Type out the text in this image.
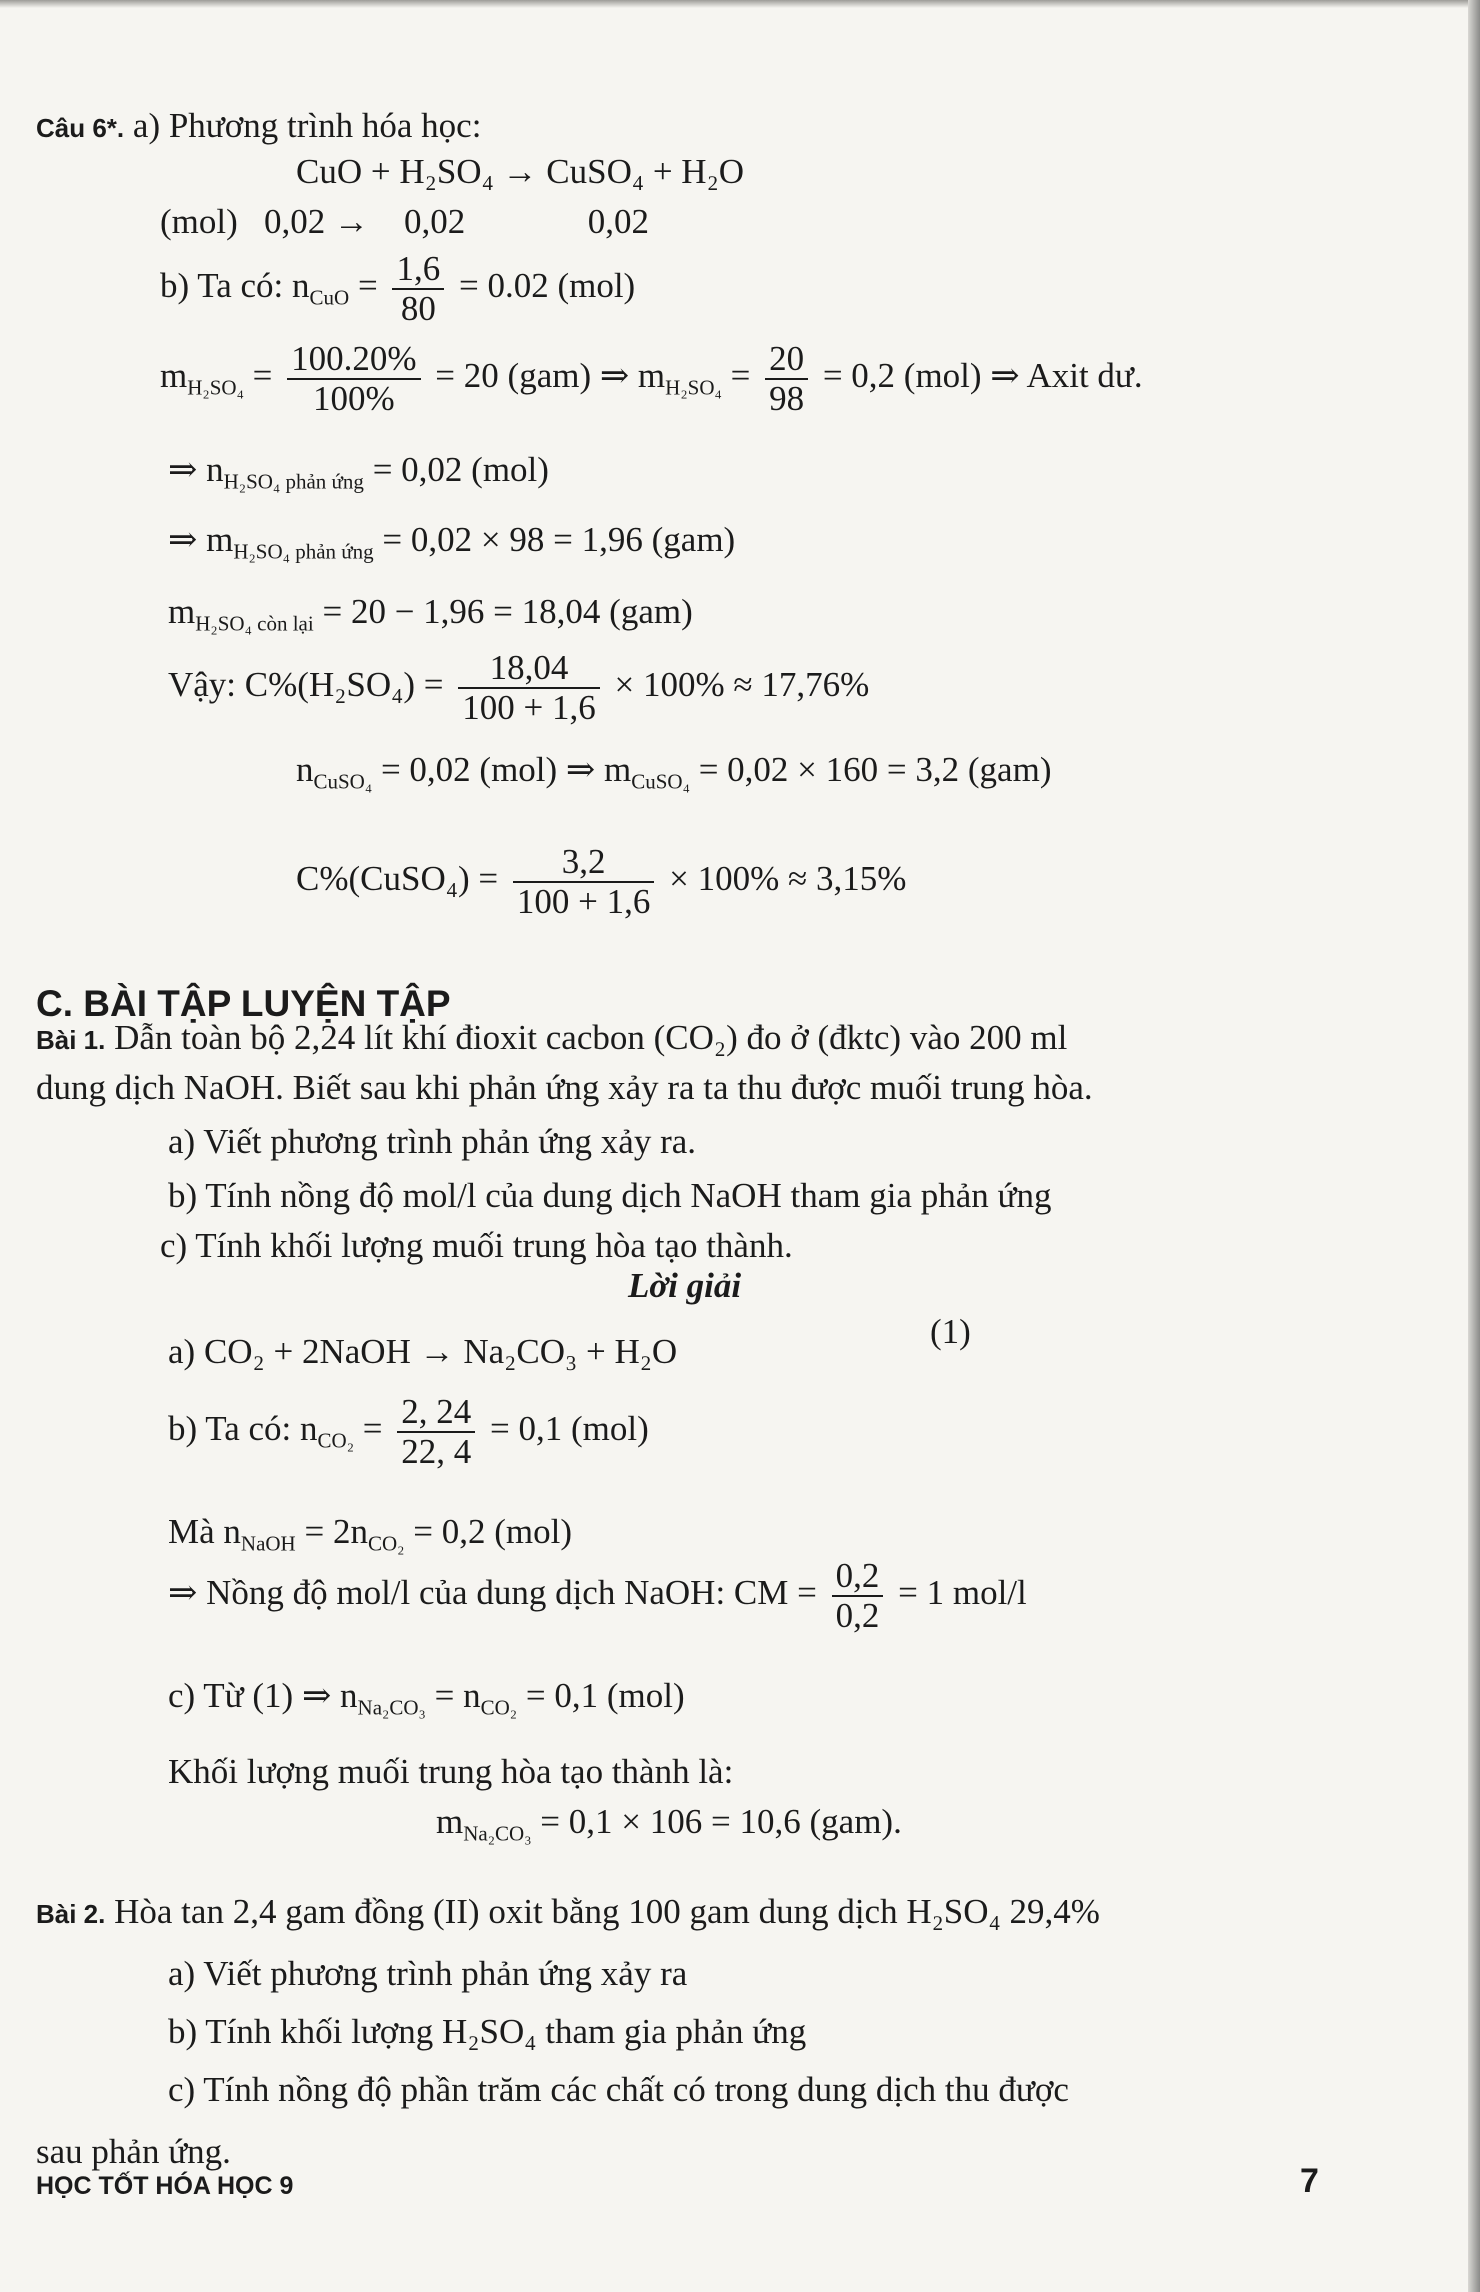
Câu 6*. a) Phương trình hóa học:
CuO + H₂SO₄ → CuSO₄ + H₂O
(mol)   0,02 →    0,02              0,02
b) Ta có: $n_{CuO} = \frac{1,6}{80} = 0.02$ (mol)
$m_{H_2SO_4} = \frac{100.20\%}{100\%} = 20$ (gam) ⇒ $m_{H_2SO_4} = \frac{20}{98} = 0,2$ (mol) ⇒ Axit dư.
⇒ $n_{H_2SO_4 phản ứng} = 0,02$ (mol)
⇒ $m_{H_2SO_4 phản ứng} = 0,02 \times 98 = 1,96$ (gam)
$m_{H_2SO_4 còn lại} = 20 - 1,96 = 18,04$ (gam)
Vậy: $C\%(H_2SO_4) = \frac{18,04}{100 + 1,6} \times 100\% \approx 17,76\%$
$n_{CuSO_4} = 0,02$ (mol) ⇒ $m_{CuSO_4} = 0,02 \times 160 = 3,2$ (gam)
C%(CuSO₄) = $\frac{3,2}{100 + 1,6} \times 100\% \approx 3,15\%$
C. BÀI TẬP LUYỆN TẬP
Bài 1. Dẫn toàn bộ 2,24 lít khí đioxit cacbon (CO₂) đo ở (đktc) vào 200 ml
dung dịch NaOH. Biết sau khi phản ứng xảy ra ta thu được muối trung hòa.
a) Viết phương trình phản ứng xảy ra.
b) Tính nồng độ mol/l của dung dịch NaOH tham gia phản ứng
c) Tính khối lượng muối trung hòa tạo thành.
Lời giải
a) CO₂ + 2NaOH → Na₂CO₃ + H₂O
(1)
b) Ta có: $n_{CO_2} = \frac{2, 24}{22, 4} = 0,1$ (mol)
Mà $n_{NaOH} = 2n_{CO_2} = 0,2$ (mol)
⇒ Nồng độ mol/l của dung dịch NaOH: CM = $\frac{0,2}{0,2} = 1$ mol/l
c) Từ (1) ⇒ $n_{Na_2CO_3} = n_{CO_2} = 0,1$ (mol)
Khối lượng muối trung hòa tạo thành là:
$m_{Na_2CO_3} = 0,1 \times 106 = 10,6$ (gam).
Bài 2. Hòa tan 2,4 gam đồng (II) oxit bằng 100 gam dung dịch H₂SO₄ 29,4%
a) Viết phương trình phản ứng xảy ra
b) Tính khối lượng H₂SO₄ tham gia phản ứng
c) Tính nồng độ phần trăm các chất có trong dung dịch thu được
sau phản ứng.
HỌC TỐT HÓA HỌC 9	7
